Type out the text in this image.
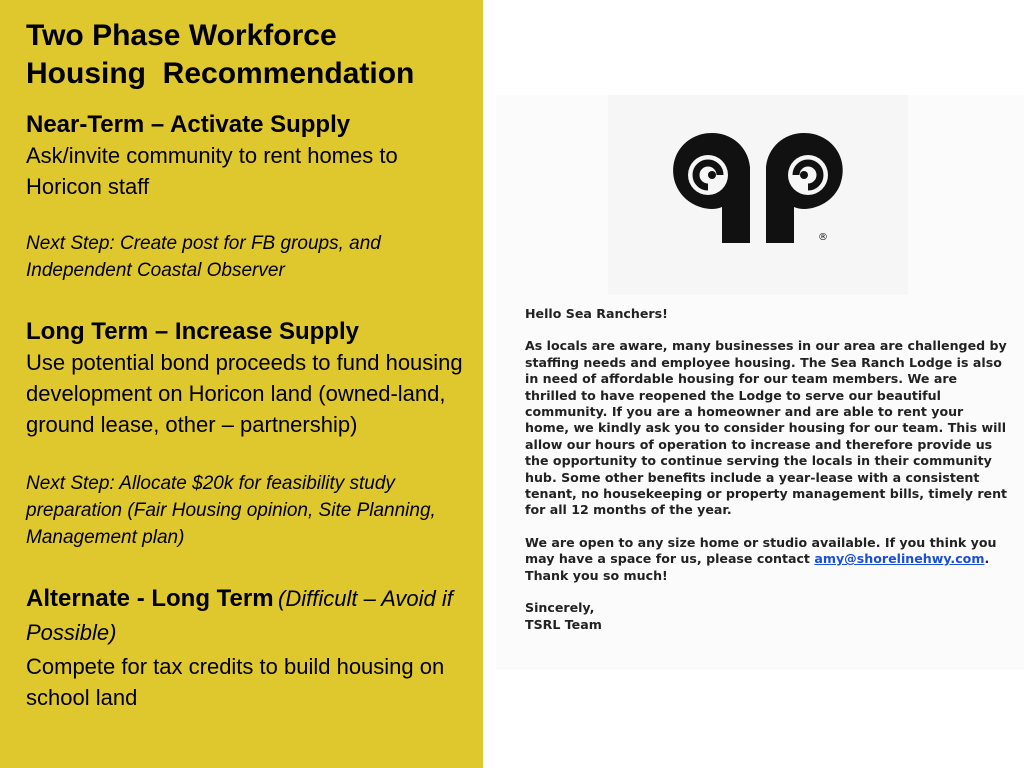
Two Phase Workforce
Housing  Recommendation
Near-Term – Activate Supply
Ask/invite community to rent homes to Horicon staff
Next Step: Create post for FB groups, and Independent Coastal Observer
Long Term – Increase Supply
Use potential bond proceeds to fund housing development on Horicon land (owned-land, ground lease, other – partnership)
Next Step: Allocate $20k for feasibility study preparation (Fair Housing opinion, Site Planning, Management plan)
Alternate - Long Term (Difficult – Avoid if Possible)
Compete for tax credits to build housing on school land
®

Hello Sea Ranchers!

As locals are aware, many businesses in our area are challenged by staffing needs and employee housing. The Sea Ranch Lodge is also in need of affordable housing for our team members. We are thrilled to have reopened the Lodge to serve our beautiful community. If you are a homeowner and are able to rent your home, we kindly ask you to consider housing for our team. This will allow our hours of operation to increase and therefore provide us the opportunity to continue serving the locals in their community hub. Some other benefits include a year-lease with a consistent tenant, no housekeeping or property management bills, timely rent for all 12 months of the year.

We are open to any size home or studio available. If you think you may have a space for us, please contact amy@shorelinehwy.com. Thank you so much!

Sincerely,
TSRL Team
